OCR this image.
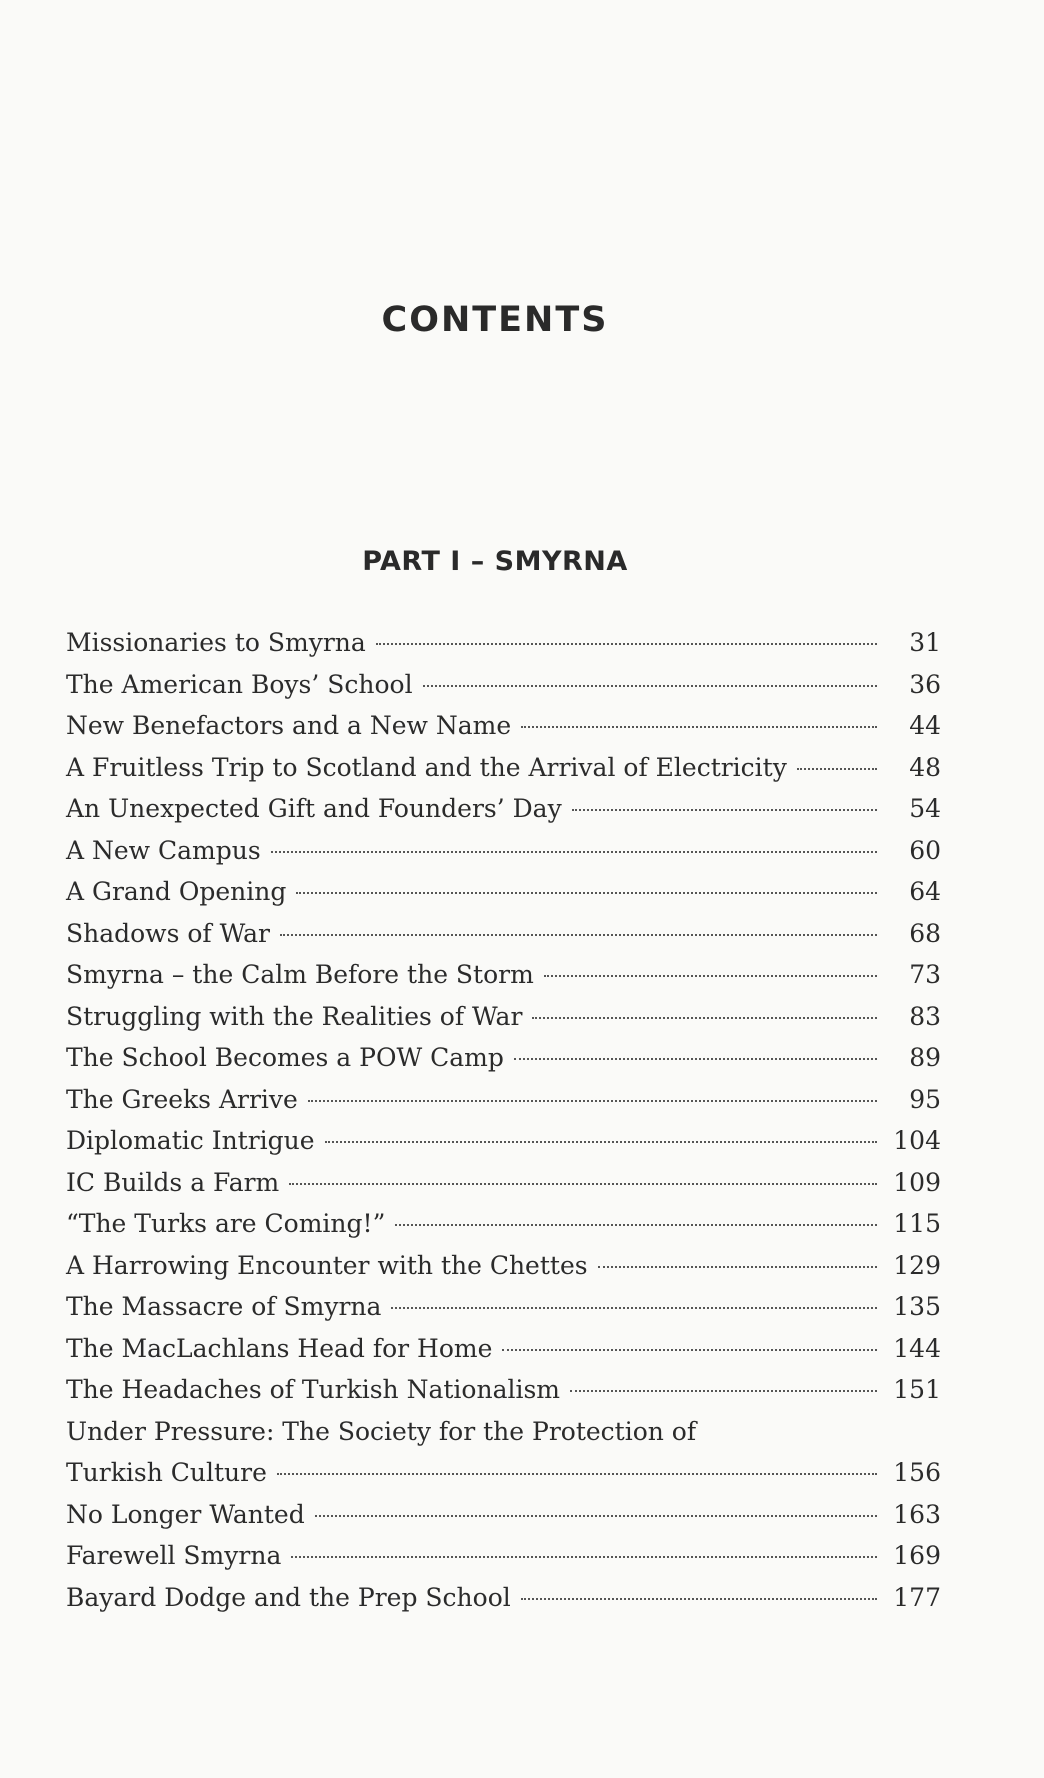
CONTENTS
PART I – SMYRNA
Missionaries to Smyrna	31
The American Boys’ School	36
New Benefactors and a New Name	44
A Fruitless Trip to Scotland and the Arrival of Electricity	48
An Unexpected Gift and Founders’ Day	54
A New Campus	60
A Grand Opening	64
Shadows of War	68
Smyrna – the Calm Before the Storm	73
Struggling with the Realities of War	83
The School Becomes a POW Camp	89
The Greeks Arrive	95
Diplomatic Intrigue	104
IC Builds a Farm	109
“The Turks are Coming!”	115
A Harrowing Encounter with the Chettes	129
The Massacre of Smyrna	135
The MacLachlans Head for Home	144
The Headaches of Turkish Nationalism	151
Under Pressure: The Society for the Protection of
Turkish Culture	156
No Longer Wanted	163
Farewell Smyrna	169
Bayard Dodge and the Prep School	177
